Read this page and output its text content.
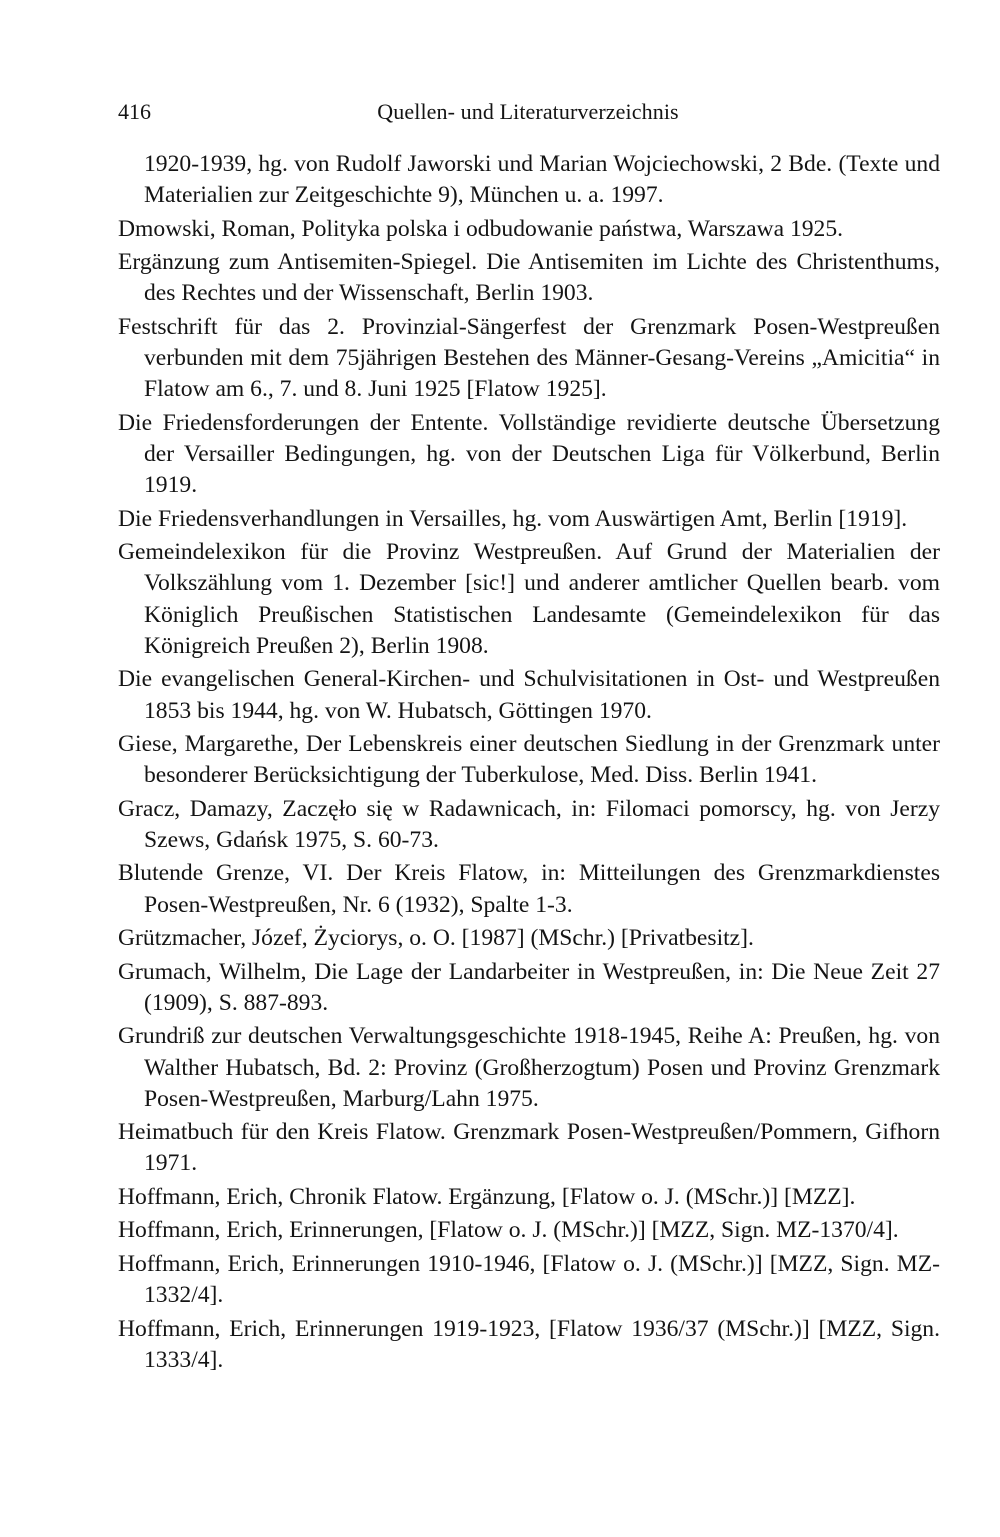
416	Quellen- und Literaturverzeichnis

1920-1939, hg. von Rudolf Jaworski und Marian Wojciechowski, 2 Bde. (Texte und Materialien zur Zeitgeschichte 9), München u. a. 1997.

Dmowski, Roman, Polityka polska i odbudowanie państwa, Warszawa 1925.

Ergänzung zum Antisemiten-Spiegel. Die Antisemiten im Lichte des Christenthums, des Rechtes und der Wissenschaft, Berlin 1903.

Festschrift für das 2. Provinzial-Sängerfest der Grenzmark Posen-Westpreußen verbunden mit dem 75jährigen Bestehen des Männer-Gesang-Vereins „Amicitia“ in Flatow am 6., 7. und 8. Juni 1925 [Flatow 1925].

Die Friedensforderungen der Entente. Vollständige revidierte deutsche Übersetzung der Versailler Bedingungen, hg. von der Deutschen Liga für Völkerbund, Berlin 1919.

Die Friedensverhandlungen in Versailles, hg. vom Auswärtigen Amt, Berlin [1919].

Gemeindelexikon für die Provinz Westpreußen. Auf Grund der Materialien der Volkszählung vom 1. Dezember [sic!] und anderer amtlicher Quellen bearb. vom Königlich Preußischen Statistischen Landesamte (Gemeindelexikon für das Königreich Preußen 2), Berlin 1908.

Die evangelischen General-Kirchen- und Schulvisitationen in Ost- und Westpreußen 1853 bis 1944, hg. von W. Hubatsch, Göttingen 1970.

Giese, Margarethe, Der Lebenskreis einer deutschen Siedlung in der Grenzmark unter besonderer Berücksichtigung der Tuberkulose, Med. Diss. Berlin 1941.

Gracz, Damazy, Zaczęło się w Radawnicach, in: Filomaci pomorscy, hg. von Jerzy Szews, Gdańsk 1975, S. 60-73.

Blutende Grenze, VI. Der Kreis Flatow, in: Mitteilungen des Grenzmarkdienstes Posen-Westpreußen, Nr. 6 (1932), Spalte 1-3.

Grützmacher, Józef, Życiorys, o. O. [1987] (MSchr.) [Privatbesitz].

Grumach, Wilhelm, Die Lage der Landarbeiter in Westpreußen, in: Die Neue Zeit 27 (1909), S. 887-893.

Grundriß zur deutschen Verwaltungsgeschichte 1918-1945, Reihe A: Preußen, hg. von Walther Hubatsch, Bd. 2: Provinz (Großherzogtum) Posen und Provinz Grenzmark Posen-Westpreußen, Marburg/Lahn 1975.

Heimatbuch für den Kreis Flatow. Grenzmark Posen-Westpreußen/Pommern, Gifhorn 1971.

Hoffmann, Erich, Chronik Flatow. Ergänzung, [Flatow o. J. (MSchr.)] [MZZ].

Hoffmann, Erich, Erinnerungen, [Flatow o. J. (MSchr.)] [MZZ, Sign. MZ-1370/4].

Hoffmann, Erich, Erinnerungen 1910-1946, [Flatow o. J. (MSchr.)] [MZZ, Sign. MZ-1332/4].

Hoffmann, Erich, Erinnerungen 1919-1923, [Flatow 1936/37 (MSchr.)] [MZZ, Sign. 1333/4].
